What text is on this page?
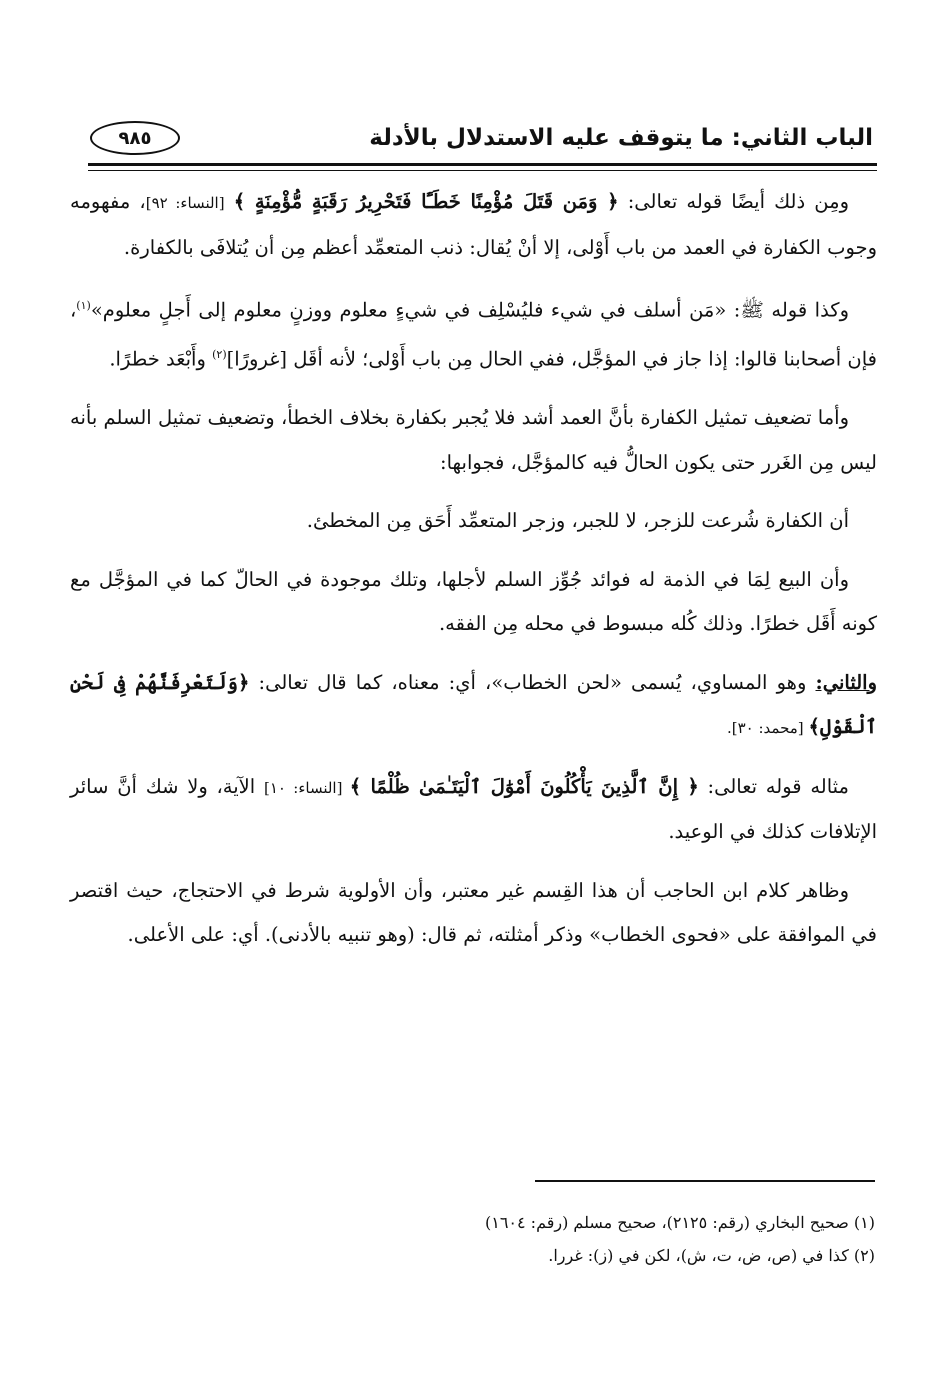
الباب الثاني: ما يتوقف عليه الاستدلال بالأدلة
٩٨٥

ومِن ذلك أيضًا قوله تعالى: ﴿ وَمَن قَتَلَ مُؤْمِنًا خَطَـًٔا فَتَحْرِيرُ رَقَبَةٍ مُّؤْمِنَةٍ ﴾ [النساء: ٩٢]، مفهومه وجوب الكفارة في العمد من باب أَوْلى، إلا أنْ يُقال: ذنب المتعمِّد أعظم مِن أن يُتلافَى بالكفارة.

وكذا قوله ﷺ: «مَن أسلف في شيء فليُسْلِف في شيءٍ معلوم ووزنٍ معلوم إلى أَجلٍ معلوم»$^{(١)}$، فإن أصحابنا قالوا: إذا جاز في المؤجَّل، ففي الحال مِن باب أَوْلى؛ لأنه أقَل [غرورًا]$^{(٢)}$ وأَبْعَد خطرًا.

وأما تضعيف تمثيل الكفارة بأنَّ العمد أشد فلا يُجبر بكفارة بخلاف الخطأ، وتضعيف تمثيل السلم بأنه ليس مِن الغَرر حتى يكون الحالُّ فيه كالمؤجَّل، فجوابها:

أن الكفارة شُرعت للزجر، لا للجبر، وزجر المتعمِّد أَحَق مِن المخطئ.

وأن البيع لِمَا في الذمة له فوائد جُوِّز السلم لأجلها، وتلك موجودة في الحالّ كما في المؤجَّل مع كونه أَقَل خطرًا. وذلك كُله مبسوط في محله مِن الفقه.

والثاني: وهو المساوي، يُسمى «لحن الخطاب»، أي: معناه، كما قال تعالى: ﴿وَلَتَعْرِفَنَّهُمْ فِى لَحْنِ ٱلْقَوْلِ﴾ [محمد: ٣٠].

مثاله قوله تعالى: ﴿ إِنَّ ٱلَّذِينَ يَأْكُلُونَ أَمْوَٰلَ ٱلْيَتَـٰمَىٰ ظُلْمًا ﴾ [النساء: ١٠] الآية، ولا شك أنَّ سائر الإتلافات كذلك في الوعيد.

وظاهر كلام ابن الحاجب أن هذا القِسم غير معتبر، وأن الأولوية شرط في الاحتجاج، حيث اقتصر في الموافقة على «فحوى الخطاب» وذكر أمثلته، ثم قال: (وهو تنبيه بالأدنى). أي: على الأعلى.

(١) صحيح البخاري (رقم: ٢١٢٥)، صحيح مسلم (رقم: ١٦٠٤)
(٢) كذا في (ص، ض، ت، ش)، لكن في (ز): غررا.
